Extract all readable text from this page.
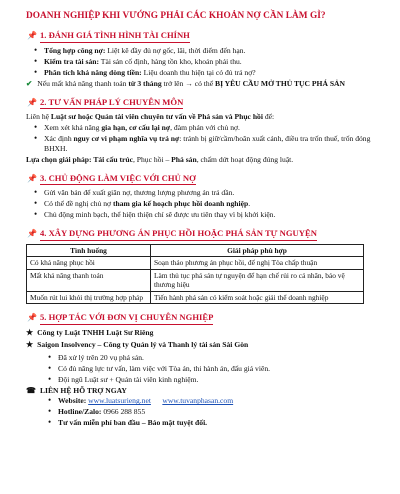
DOANH NGHIỆP KHI VƯỚNG PHẢI CÁC KHOẢN NỢ CẦN LÀM GÌ?
📌 1. ĐÁNH GIÁ TÌNH HÌNH TÀI CHÍNH
• Tổng hợp công nợ: Liệt kê đầy đủ nợ gốc, lãi, thời điểm đến hạn.
• Kiểm tra tài sản: Tài sản cố định, hàng tồn kho, khoản phải thu.
• Phân tích khả năng dòng tiền: Liệu doanh thu hiện tại có đủ trả nợ?
✔ Nếu mất khả năng thanh toán từ 3 tháng trở lên → có thể BỊ YÊU CẦU MỞ THỦ TỤC PHÁ SẢN
📌 2. TƯ VẤN PHÁP LÝ CHUYÊN MÔN
Liên hệ Luật sư hoặc Quản tài viên chuyên tư vấn về Phá sản và Phục hồi để:
• Xem xét khả năng gia hạn, cơ cấu lại nợ, đàm phán với chủ nợ.
• Xác định nguy cơ vi phạm nghĩa vụ trả nợ: tránh bị giữ/cầm/hoãn xuất cảnh, điều tra trốn thuế, trốn đóng BHXH.
Lựa chọn giải pháp: Tái cấu trúc, Phục hồi – Phá sản, chấm dứt hoạt động đúng luật.
📌 3. CHỦ ĐỘNG LÀM VIỆC VỚI CHỦ NỢ
• Gửi văn bản để xuất giãn nợ, thương lượng phương án trả dần.
• Có thể đề nghị chủ nợ tham gia kế hoạch phục hồi doanh nghiệp.
• Chủ động minh bạch, thể hiện thiện chí sẽ được ưu tiên thay vì bị khởi kiện.
📌 4. XÂY DỰNG PHƯƠNG ÁN PHỤC HỒI HOẶC PHÁ SẢN TỰ NGUYỆN
Tình huống	Giải pháp phù hợp
Có khả năng phục hồi	Soạn thảo phương án phục hồi, để nghị Tòa chấp thuận
Mất khả năng thanh toán	Làm thủ tục phá sản tự nguyện để hạn chế rủi ro cá nhân, bảo vệ thương hiệu
Muốn rút lui khỏi thị trường hợp pháp	Tiến hành phá sản có kiểm soát hoặc giải thể doanh nghiệp
📌 5. HỢP TÁC VỚI ĐƠN VỊ CHUYÊN NGHIỆP
★ Công ty Luật TNHH Luật Sư Riêng
★ Saigon Insolvency – Công ty Quản lý và Thanh lý tài sản Sài Gòn
• Đã xử lý trên 20 vụ phá sản.
• Có đủ năng lực tư vấn, làm việc với Tòa án, thi hành án, đấu giá viên.
• Đội ngũ Luật sư + Quản tài viên kinh nghiệm.
☎ LIÊN HỆ HỖ TRỢ NGAY
• Website: www.luatsurieng.net www.tuvanphasan.com
• Hotline/Zalo: 0966 288 855
• Tư vấn miễn phí ban đầu – Bảo mật tuyệt đối.
